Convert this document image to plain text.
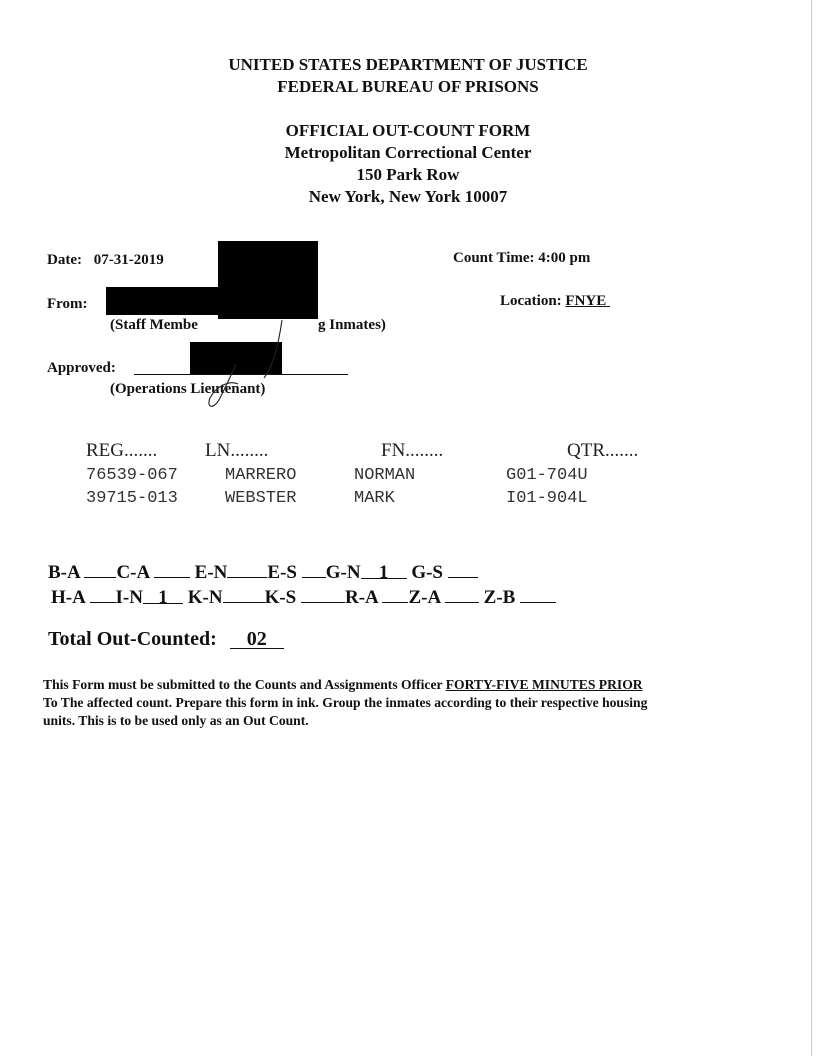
UNITED STATES DEPARTMENT OF JUSTICE
FEDERAL BUREAU OF PRISONS
OFFICIAL OUT-COUNT FORM
Metropolitan Correctional Center
150 Park Row
New York, New York 10007
Date: 07-31-2019	Count Time: 4:00 pm
From:	Location: FNYE
(Staff Membe	g Inmates)
Approved:
(Operations Lieutenant)
REG.......	LN........	FN........	QTR.......
76539-067	MARRERO	NORMAN	G01-704U
39715-013	WEBSTER	MARK	I01-904L
B-A C-A E-N E-S G-N 1 G-S
H-A I-N 1 K-N K-S	R-A Z-A Z-B
Total Out-Counted: 02
This Form must be submitted to the Counts and Assignments Officer FORTY-FIVE MINUTES PRIOR
To The affected count. Prepare this form in ink. Group the inmates according to their respective housing
units. This is to be used only as an Out Count.
